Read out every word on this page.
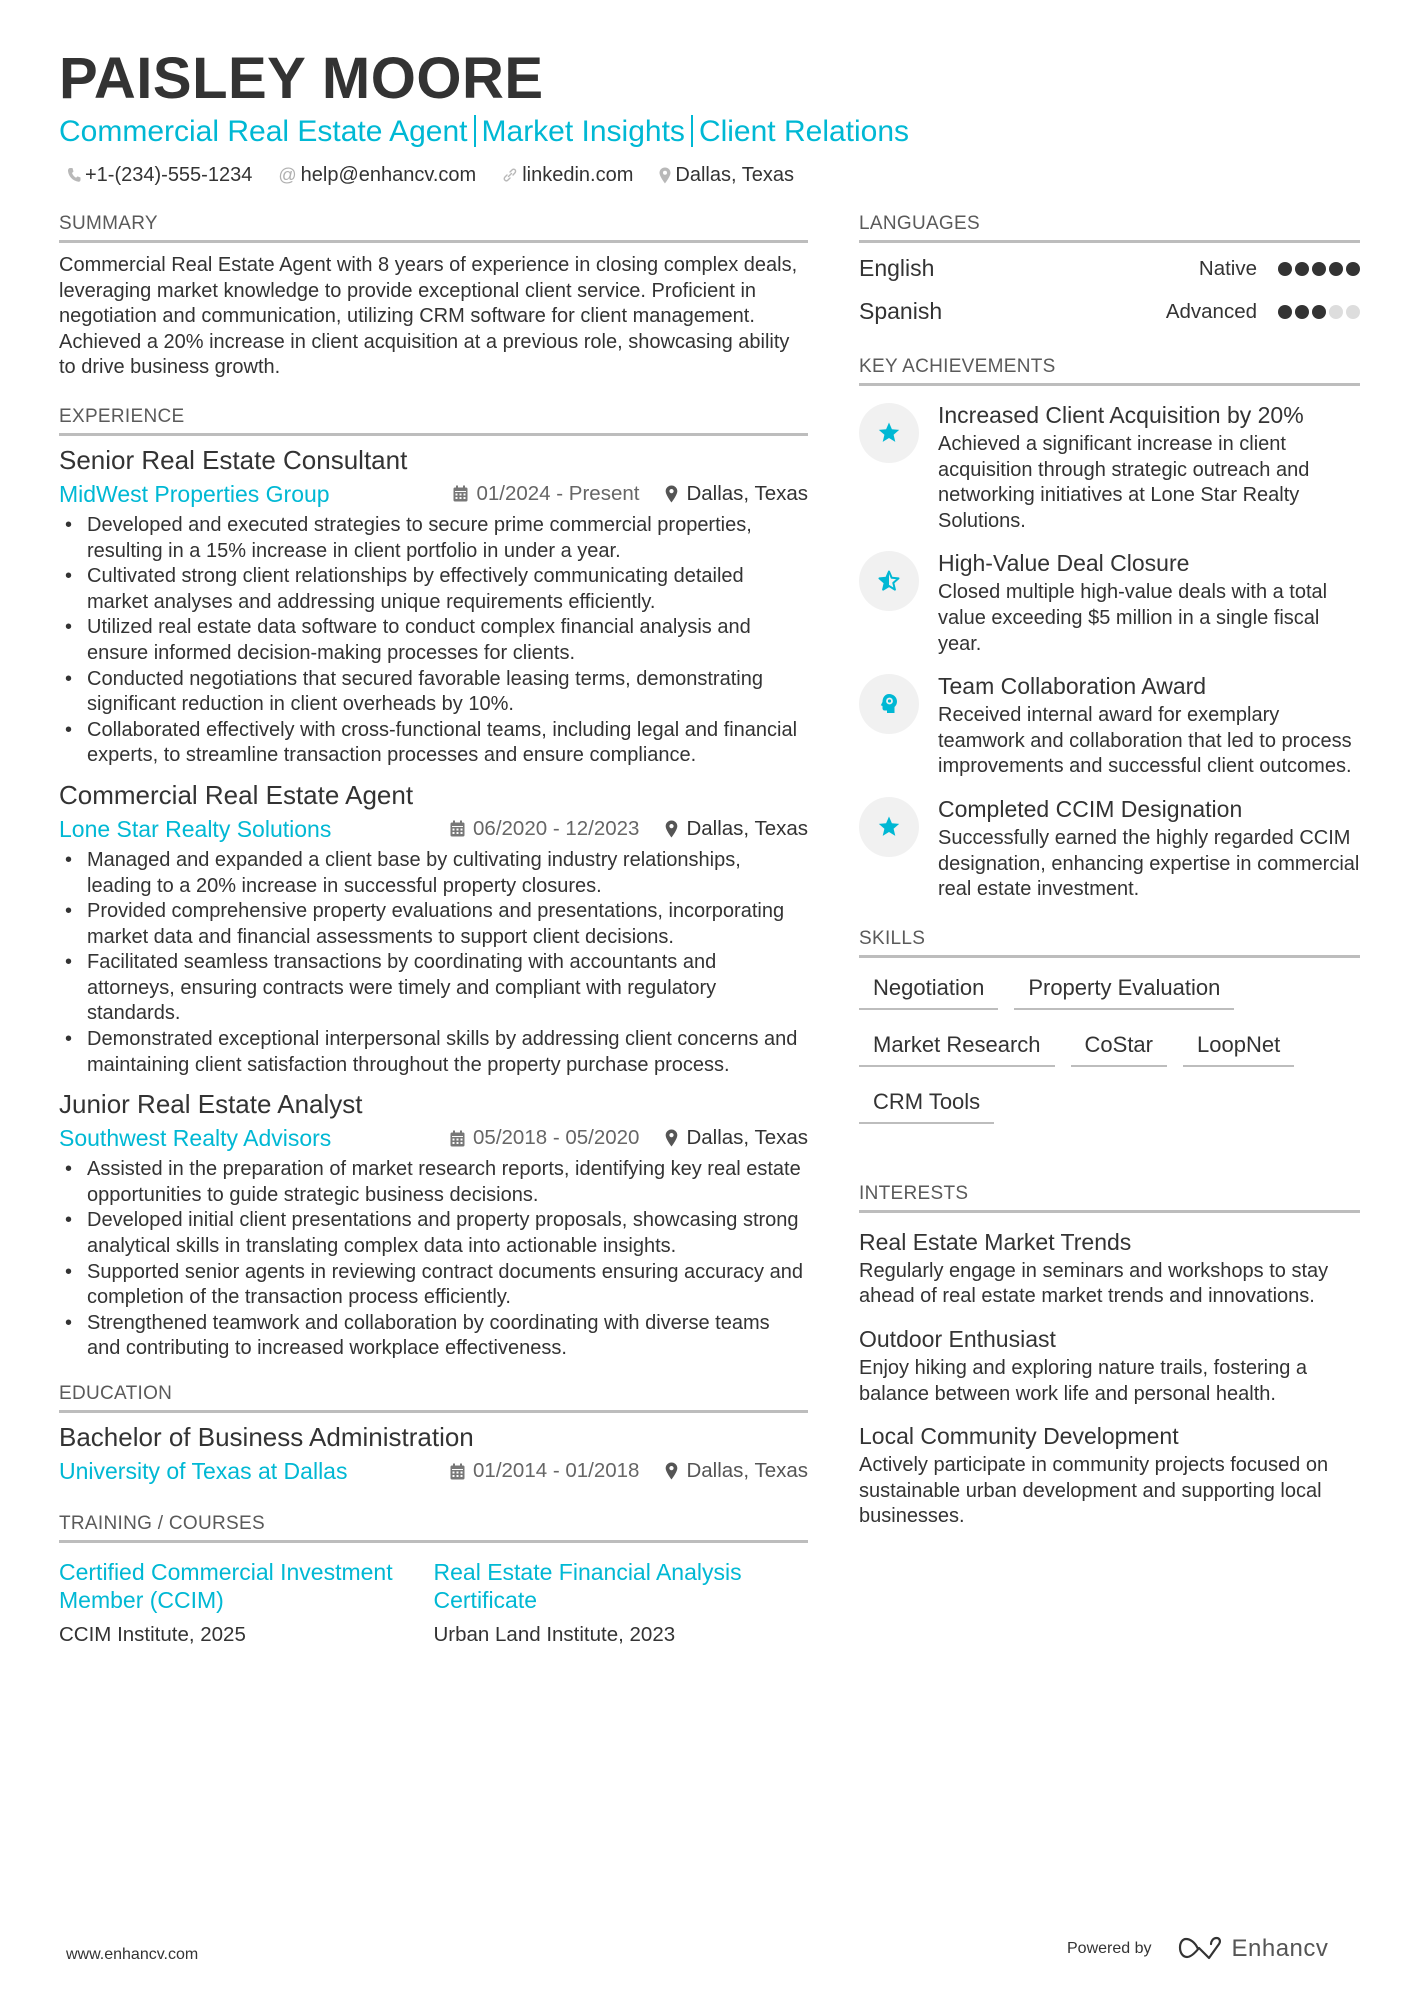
PAISLEY MOORE
Commercial Real Estate Agent Market Insights Client Relations
+1-(234)-555-1234 @ help@enhancv.com linkedin.com Dallas, Texas
SUMMARY
Commercial Real Estate Agent with 8 years of experience in closing complex deals, leveraging market knowledge to provide exceptional client service. Proficient in negotiation and communication, utilizing CRM software for client management. Achieved a 20% increase in client acquisition at a previous role, showcasing ability to drive business growth.
EXPERIENCE
Senior Real Estate Consultant
MidWest Properties Group	01/2024 - Present Dallas, Texas
• Developed and executed strategies to secure prime commercial properties, resulting in a 15% increase in client portfolio in under a year.
• Cultivated strong client relationships by effectively communicating detailed market analyses and addressing unique requirements efficiently.
• Utilized real estate data software to conduct complex financial analysis and ensure informed decision-making processes for clients.
• Conducted negotiations that secured favorable leasing terms, demonstrating significant reduction in client overheads by 10%.
• Collaborated effectively with cross-functional teams, including legal and financial experts, to streamline transaction processes and ensure compliance.
Commercial Real Estate Agent
Lone Star Realty Solutions	06/2020 - 12/2023 Dallas, Texas
• Managed and expanded a client base by cultivating industry relationships, leading to a 20% increase in successful property closures.
• Provided comprehensive property evaluations and presentations, incorporating market data and financial assessments to support client decisions.
• Facilitated seamless transactions by coordinating with accountants and attorneys, ensuring contracts were timely and compliant with regulatory standards.
• Demonstrated exceptional interpersonal skills by addressing client concerns and maintaining client satisfaction throughout the property purchase process.
Junior Real Estate Analyst
Southwest Realty Advisors	05/2018 - 05/2020 Dallas, Texas
• Assisted in the preparation of market research reports, identifying key real estate opportunities to guide strategic business decisions.
• Developed initial client presentations and property proposals, showcasing strong analytical skills in translating complex data into actionable insights.
• Supported senior agents in reviewing contract documents ensuring accuracy and completion of the transaction process efficiently.
• Strengthened teamwork and collaboration by coordinating with diverse teams and contributing to increased workplace effectiveness.
EDUCATION
Bachelor of Business Administration
University of Texas at Dallas	01/2014 - 01/2018 Dallas, Texas
TRAINING / COURSES
Certified Commercial Investment Member (CCIM)
CCIM Institute, 2025
Real Estate Financial Analysis Certificate
Urban Land Institute, 2023
LANGUAGES
English	Native
Spanish	Advanced
KEY ACHIEVEMENTS
Increased Client Acquisition by 20%
Achieved a significant increase in client acquisition through strategic outreach and networking initiatives at Lone Star Realty Solutions.
High-Value Deal Closure
Closed multiple high-value deals with a total value exceeding $5 million in a single fiscal year.
Team Collaboration Award
Received internal award for exemplary teamwork and collaboration that led to process improvements and successful client outcomes.
Completed CCIM Designation
Successfully earned the highly regarded CCIM designation, enhancing expertise in commercial real estate investment.
SKILLS
Negotiation	Property Evaluation
Market Research	CoStar	LoopNet
CRM Tools
INTERESTS
Real Estate Market Trends
Regularly engage in seminars and workshops to stay ahead of real estate market trends and innovations.
Outdoor Enthusiast
Enjoy hiking and exploring nature trails, fostering a balance between work life and personal health.
Local Community Development
Actively participate in community projects focused on sustainable urban development and supporting local businesses.
www.enhancv.com	Powered by	Enhancv
